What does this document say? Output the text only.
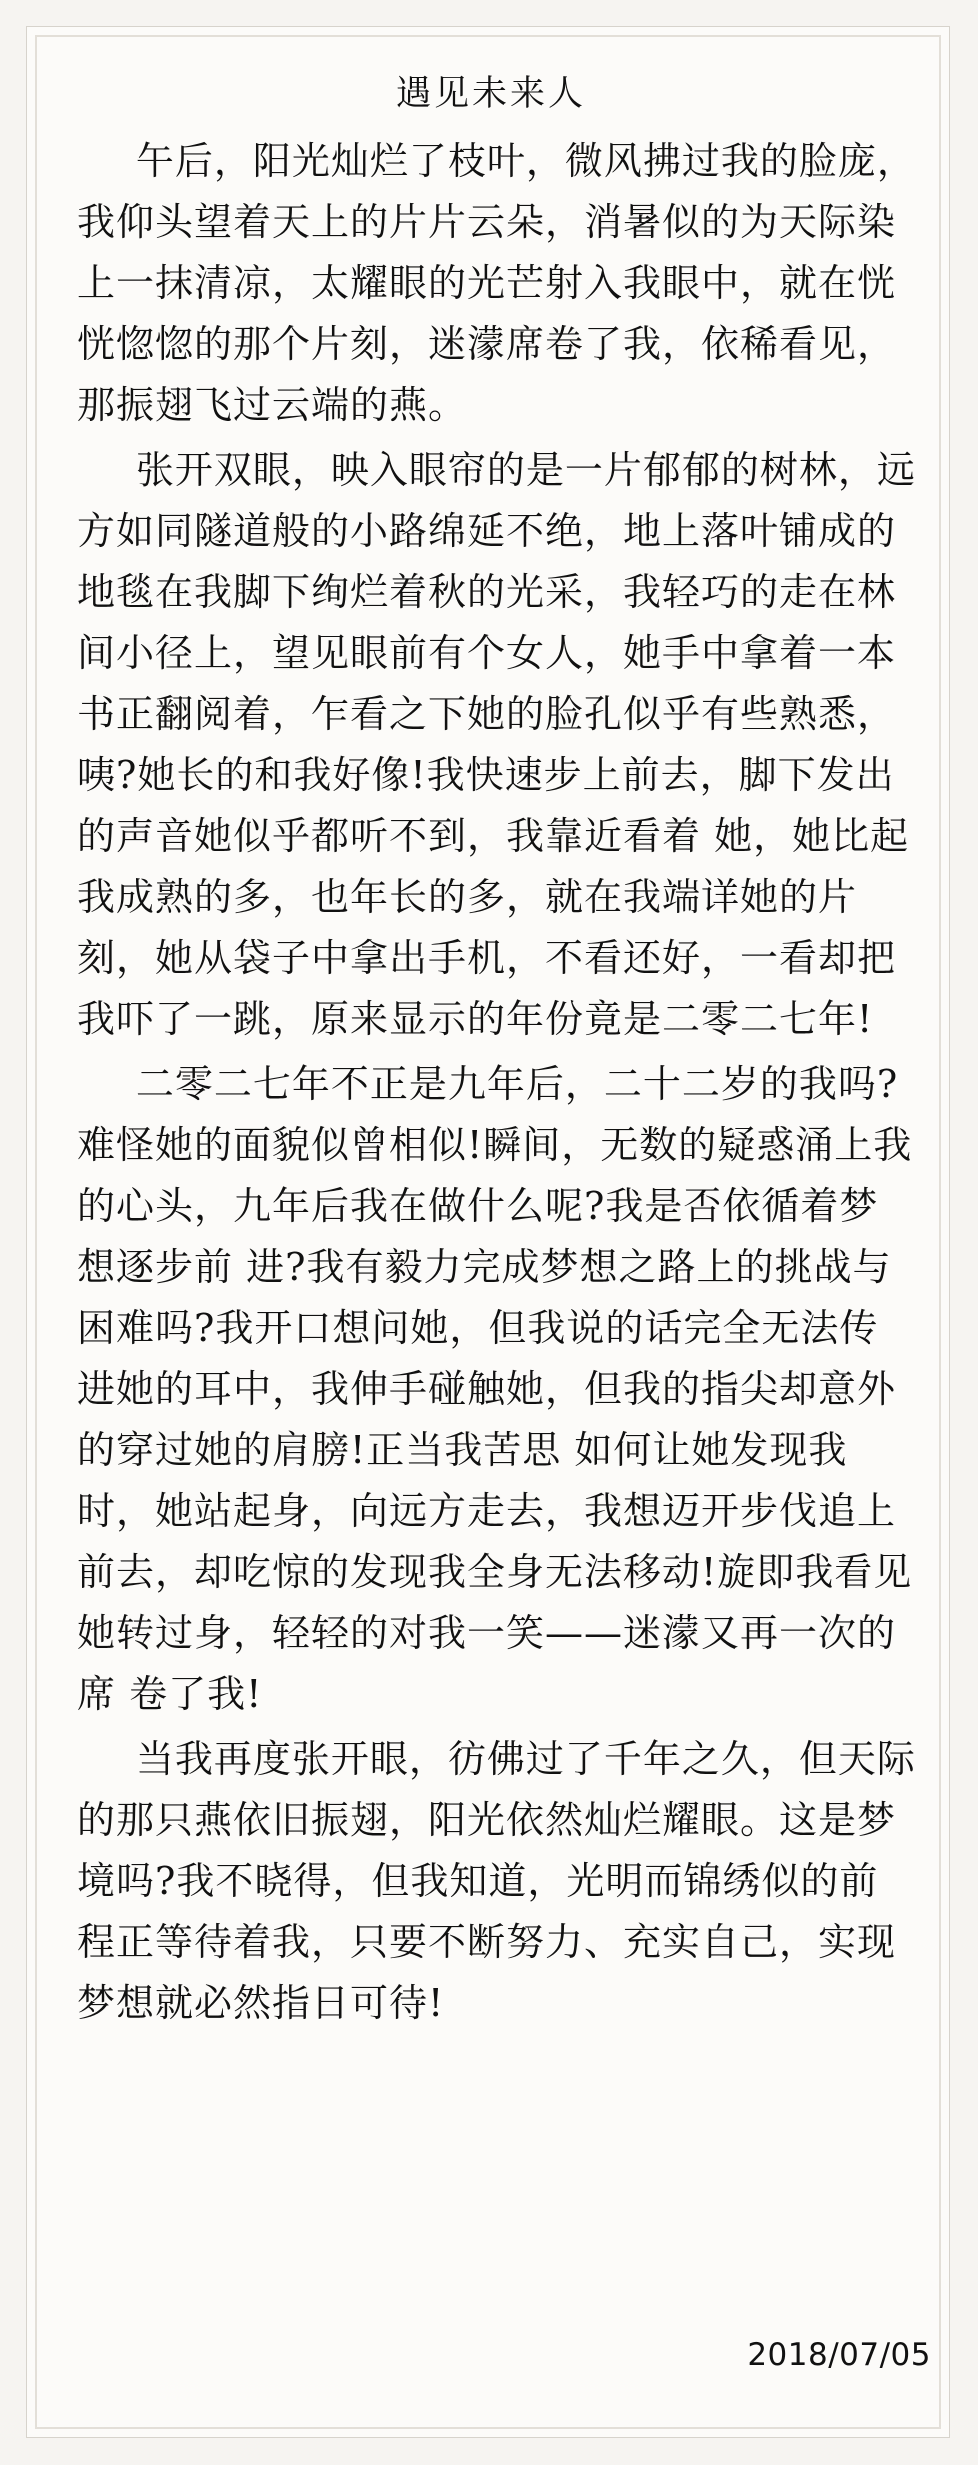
遇见未来人

午后，阳光灿烂了枝叶，微风拂过我的脸庞，我仰头望着天上的片片云朵，消暑似的为天际染上一抹清凉，太耀眼的光芒射入我眼中，就在恍恍惚惚的那个片刻，迷濛席卷了我，依稀看见，那振翅飞过云端的燕。

张开双眼，映入眼帘的是一片郁郁的树林，远方如同隧道般的小路绵延不绝，地上落叶铺成的地毯在我脚下绚烂着秋的光采，我轻巧的走在林间小径上，望见眼前有个女人，她手中拿着一本书正翻阅着，乍看之下她的脸孔似乎有些熟悉，咦?她长的和我好像!我快速步上前去，脚下发出的声音她似乎都听不到，我靠近看着 她，她比起我成熟的多，也年长的多，就在我端详她的片刻，她从袋子中拿出手机，不看还好，一看却把我吓了一跳，原来显示的年份竟是二零二七年!

二零二七年不正是九年后，二十二岁的我吗?难怪她的面貌似曾相似!瞬间，无数的疑惑涌上我的心头，九年后我在做什么呢?我是否依循着梦想逐步前 进?我有毅力完成梦想之路上的挑战与困难吗?我开口想问她，但我说的话完全无法传进她的耳中，我伸手碰触她，但我的指尖却意外的穿过她的肩膀!正当我苦思 如何让她发现我时，她站起身，向远方走去，我想迈开步伐追上前去，却吃惊的发现我全身无法移动!旋即我看见她转过身，轻轻的对我一笑——迷濛又再一次的席 卷了我!

当我再度张开眼，彷佛过了千年之久，但天际的那只燕依旧振翅，阳光依然灿烂耀眼。这是梦境吗?我不晓得，但我知道，光明而锦绣似的前程正等待着我，只要不断努力、充实自己，实现梦想就必然指日可待!

2018/07/05
